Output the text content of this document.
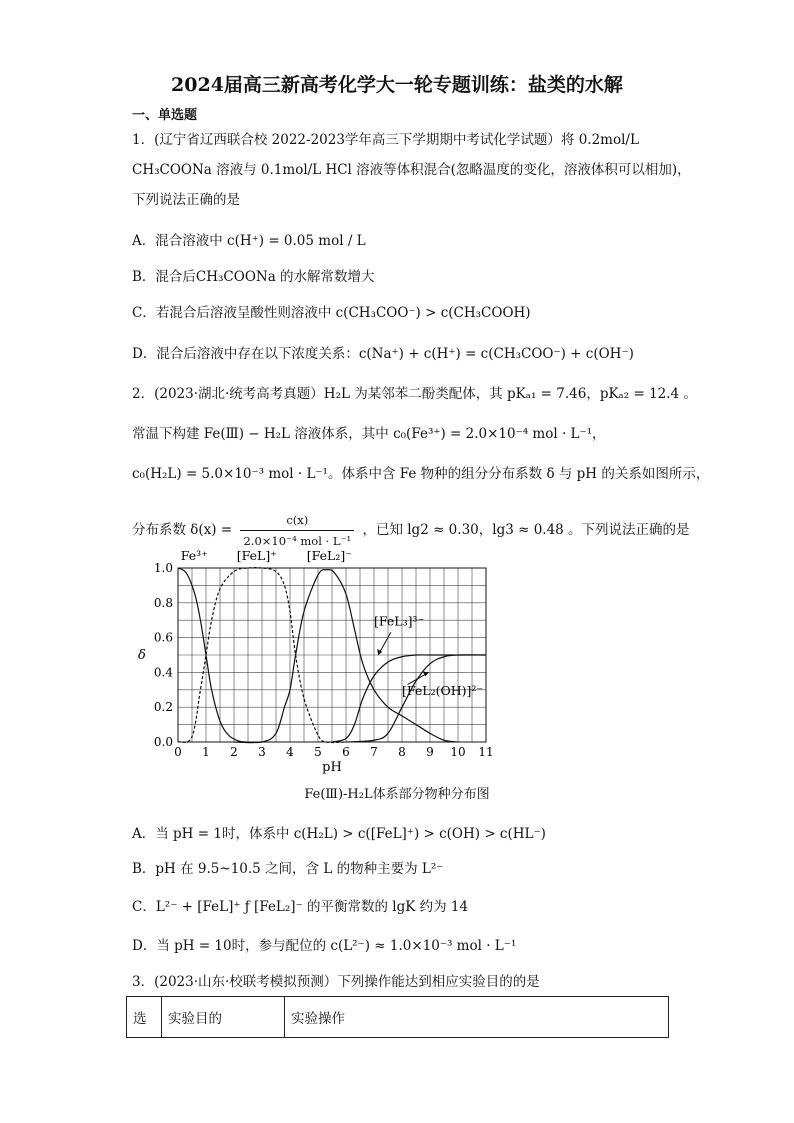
2024届高三新高考化学大一轮专题训练：盐类的水解
一、单选题
1．(辽宁省辽西联合校 2022-2023学年高三下学期期中考试化学试题）将 0.2mol/L
CH₃COONa 溶液与 0.1mol/L HCl 溶液等体积混合(忽略温度的变化，溶液体积可以相加)，
下列说法正确的是
A．混合溶液中 c(H⁺) = 0.05 mol / L
B．混合后CH₃COONa 的水解常数增大
C．若混合后溶液呈酸性则溶液中 c(CH₃COO⁻) > c(CH₃COOH)
D．混合后溶液中存在以下浓度关系：c(Na⁺) + c(H⁺) = c(CH₃COO⁻) + c(OH⁻)
2．(2023·湖北·统考高考真题）H₂L 为某邻苯二酚类配体，其 pKₐ₁ = 7.46，pKₐ₂ = 12.4 。
常温下构建 Fe(Ⅲ) − H₂L 溶液体系，其中 c₀(Fe³⁺) = 2.0×10⁻⁴ mol · L⁻¹，
c₀(H₂L) = 5.0×10⁻³ mol · L⁻¹。体系中含 Fe 物种的组分分布系数 δ 与 pH 的关系如图所示，
分布系数 δ(x) =
c(x)
2.0×10⁻⁴ mol · L⁻¹
，已知 lg2 ≈ 0.30，lg3 ≈ 0.48 。下列说法正确的是
0 1 2 3 4 5 6 7 8 9 10 11
0.0
0.2
0.4
0.6
0.8
1.0
pH
δ
Fe³⁺ [FeL]⁺ [FeL₂]⁻
[FeL₃]³⁻
[FeL₂(OH)]²⁻
Fe(Ⅲ)-H₂L体系部分物种分布图
A．当 pH = 1时，体系中 c(H₂L) > c([FeL]⁺) > c(OH) > c(HL⁻)
B．pH 在 9.5~10.5 之间，含 L 的物种主要为 L²⁻
C．L²⁻ + [FeL]⁺ ƒ [FeL₂]⁻ 的平衡常数的 lgK 约为 14
D．当 pH = 10时，参与配位的 c(L²⁻) ≈ 1.0×10⁻³ mol · L⁻¹
3．(2023·山东·校联考模拟预测）下列操作能达到相应实验目的的是
选	实验目的	实验操作
